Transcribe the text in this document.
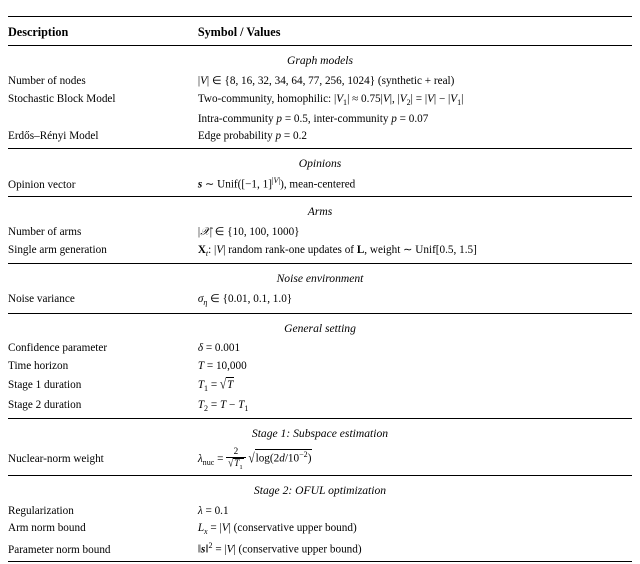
Description	Symbol / Values

Graph models	
Number of nodes	|V| ∈ {8, 16, 32, 34, 64, 77, 256, 1024} (synthetic + real)
Stochastic Block Model	Two-community, homophilic: $|V_1| \approx 0.75|V|$, $|V_2| = |V| - |V_1|$
	Intra-community p = 0.5, inter-community p = 0.07
Erdős–Rényi Model	Edge probability p = 0.2

Opinions	
Opinion vector	s ∼ Unif([−1, 1]$^{|V|}$), mean-centered

Arms	
Number of arms	|𝒳| ∈ {10, 100, 1000}
Single arm generation	$X_t$: |V| random rank-one updates of L, weight ∼ Unif[0.5, 1.5]

Noise environment	
Noise variance	$\sigma_\eta$ ∈ {0.01, 0.1, 1.0}

General setting	
Confidence parameter	δ = 0.001
Time horizon	T = 10,000
Stage 1 duration	$T_1 = √T$
Stage 2 duration	$T_2 = T - T_1$

Stage 1: Subspace estimation	
Nuclear-norm weight	$\lambda_{nuc} = \frac{2}{√T_1} √\log(2d/10^{-2})$

Stage 2: OFUL optimization	
Regularization	λ = 0.1
Arm norm bound	$L_x = |V|$ (conservative upper bound)
Parameter norm bound	‖s‖$^2$ = |V| (conservative upper bound)
